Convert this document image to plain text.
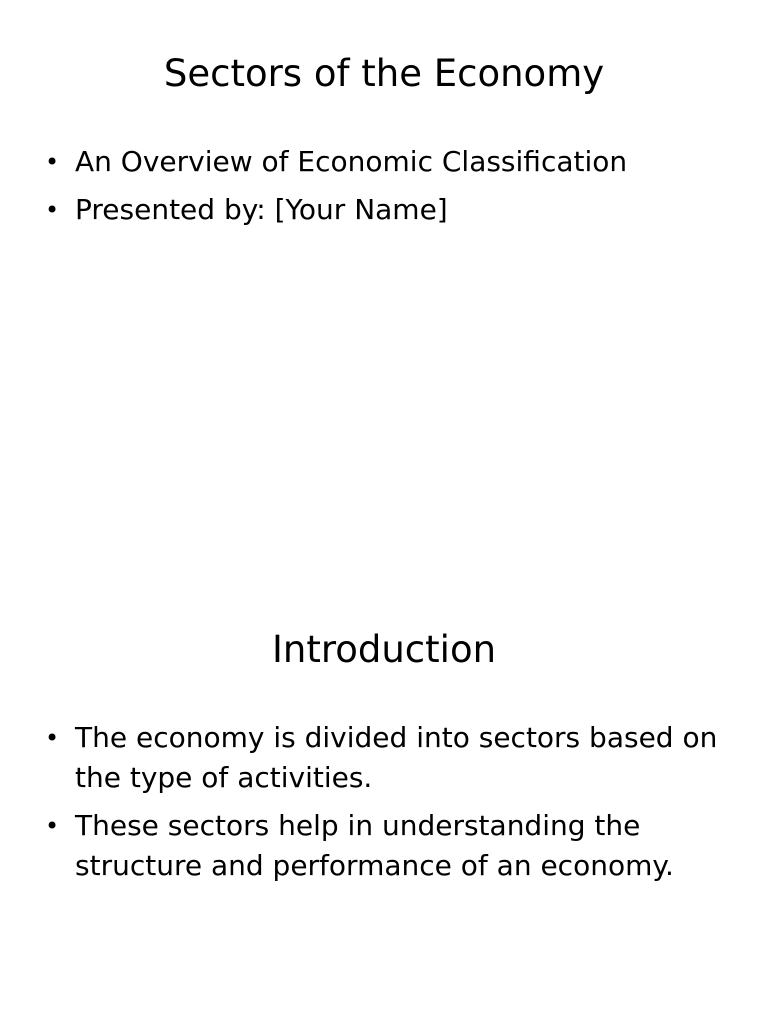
Sectors of the Economy
• An Overview of Economic Classification
• Presented by: [Your Name]
Introduction
• The economy is divided into sectors based on the type of activities.
• These sectors help in understanding the structure and performance of an economy.
